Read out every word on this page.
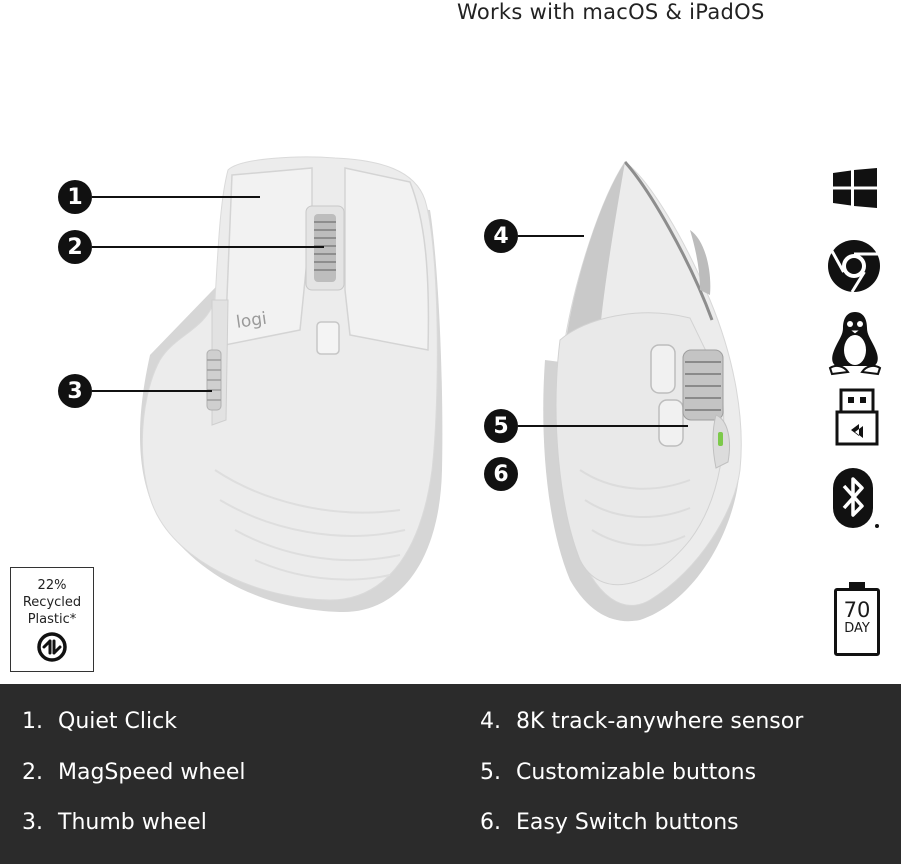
Works with macOS & iPadOS
logi
1
2
3
4
5
6
22%
Recycled
Plastic*	70
DAY
1. Quiet Click
2. MagSpeed wheel
3. Thumb wheel
4. 8K track-anywhere sensor
5. Customizable buttons
6. Easy Switch buttons
